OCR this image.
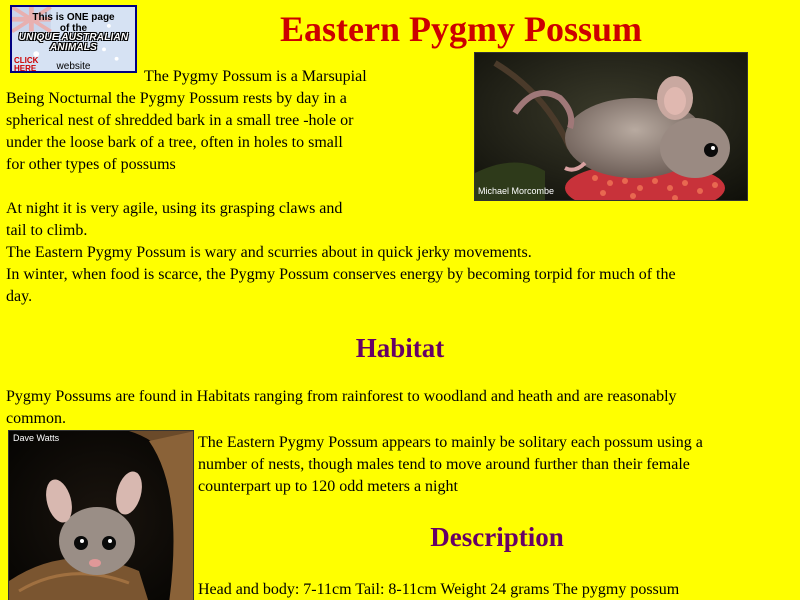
This is ONE page
of the
UNIQUE AUSTRALIAN ANIMALS
website
CLICK HERE
Eastern Pygmy Possum
Michael Morcombe
The Pygmy Possum is a Marsupial
Being Nocturnal the Pygmy Possum rests by day in a
spherical nest of shredded bark in a small tree -hole or
under the loose bark of a tree, often in holes to small
for other types of possums
At night it is very agile, using its grasping claws and
tail to climb.
The Eastern Pygmy Possum is wary and scurries about in quick jerky movements.
In winter, when food is scarce, the Pygmy Possum conserves energy by becoming torpid for much of the
day.
Habitat
Pygmy Possums are found in Habitats ranging from rainforest to woodland and heath and are reasonably
common.
Dave Watts	The Eastern Pygmy Possum appears to mainly be solitary each possum using a
number of nests, though males tend to move around further than their female
counterpart up to 120 odd meters a night
Description
Head and body: 7-11cm Tail: 8-11cm Weight 24 grams The pygmy possum
